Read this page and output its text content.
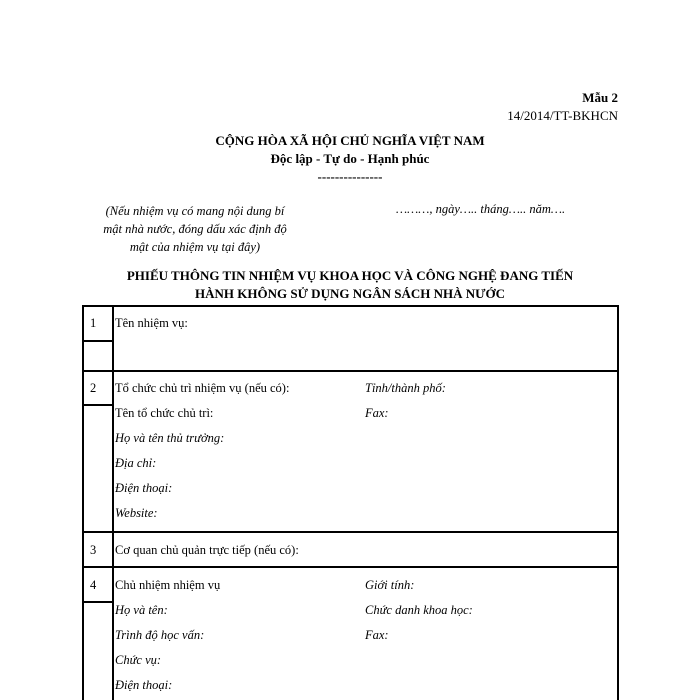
Mẫu 2
14/2014/TT-BKHCN
CỘNG HÒA XÃ HỘI CHỦ NGHĨA VIỆT NAM
Độc lập - Tự do - Hạnh phúc
---------------
(Nếu nhiệm vụ có mang nội dung bí
mật nhà nước, đóng dấu xác định độ
mật của nhiệm vụ tại đây)
………, ngày….. tháng….. năm….
PHIẾU THÔNG TIN NHIỆM VỤ KHOA HỌC VÀ CÔNG NGHỆ ĐANG TIẾN
HÀNH KHÔNG SỬ DỤNG NGÂN SÁCH NHÀ NƯỚC
1 Tên nhiệm vụ:
2 Tổ chức chủ trì nhiệm vụ (nếu có):
Tên tổ chức chủ trì:
Họ và tên thủ trưởng:
Địa chỉ:
Điện thoại:
Website:
Tỉnh/thành phố:
Fax:
3 Cơ quan chủ quản trực tiếp (nếu có):
4 Chủ nhiệm nhiệm vụ
Họ và tên:
Trình độ học vấn:
Chức vụ:
Điện thoại:
Giới tính:
Chức danh khoa học:
Fax:
